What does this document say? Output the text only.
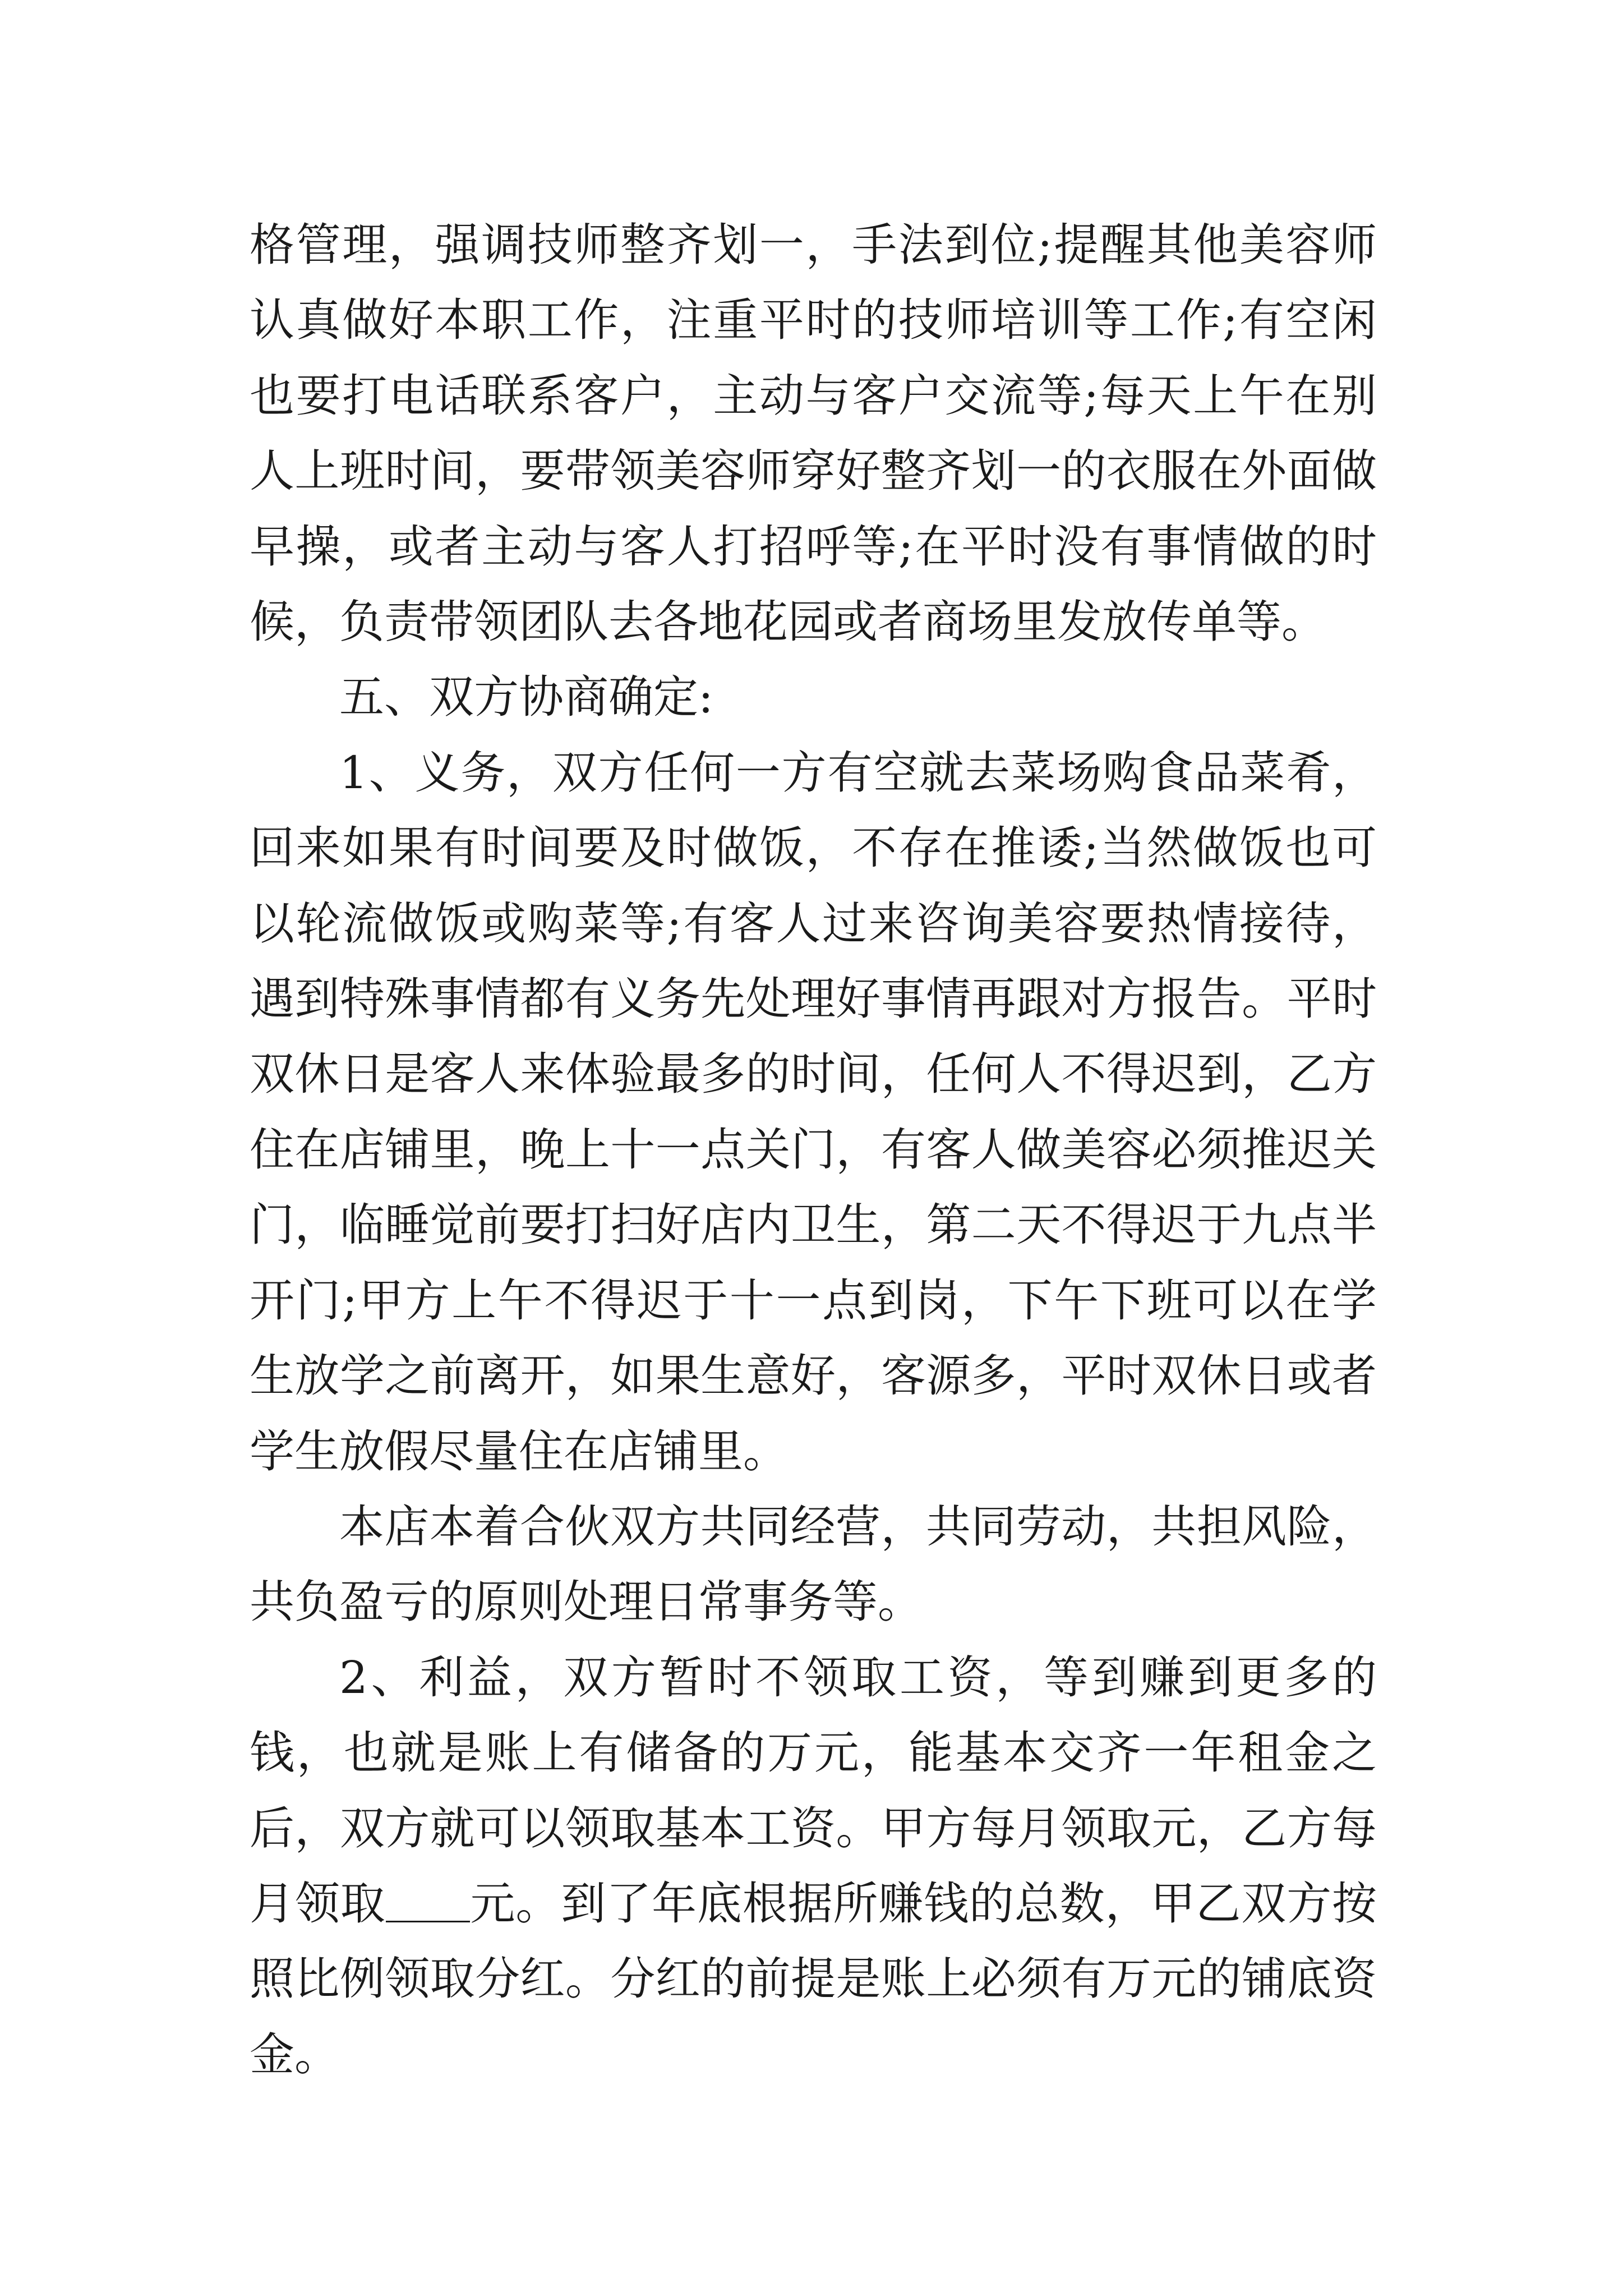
格管理，强调技师整齐划一，手法到位;提醒其他美容师认真做好本职工作，注重平时的技师培训等工作;有空闲也要打电话联系客户，主动与客户交流等;每天上午在别人上班时间，要带领美容师穿好整齐划一的衣服在外面做早操，或者主动与客人打招呼等;在平时没有事情做的时候，负责带领团队去各地花园或者商场里发放传单等。

五、双方协商确定:

1、义务，双方任何一方有空就去菜场购食品菜肴，回来如果有时间要及时做饭，不存在推诿;当然做饭也可以轮流做饭或购菜等;有客人过来咨询美容要热情接待，遇到特殊事情都有义务先处理好事情再跟对方报告。平时双休日是客人来体验最多的时间，任何人不得迟到，乙方住在店铺里，晚上十一点关门，有客人做美容必须推迟关门，临睡觉前要打扫好店内卫生，第二天不得迟于九点半开门;甲方上午不得迟于十一点到岗，下午下班可以在学生放学之前离开，如果生意好，客源多，平时双休日或者学生放假尽量住在店铺里。

本店本着合伙双方共同经营，共同劳动，共担风险，共负盈亏的原则处理日常事务等。

2、利益，双方暂时不领取工资，等到赚到更多的钱，也就是账上有储备的万元，能基本交齐一年租金之后，双方就可以领取基本工资。甲方每月领取元，乙方每月领取 元。到了年底根据所赚钱的总数，甲乙双方按照比例领取分红。分红的前提是账上必须有万元的铺底资金。
